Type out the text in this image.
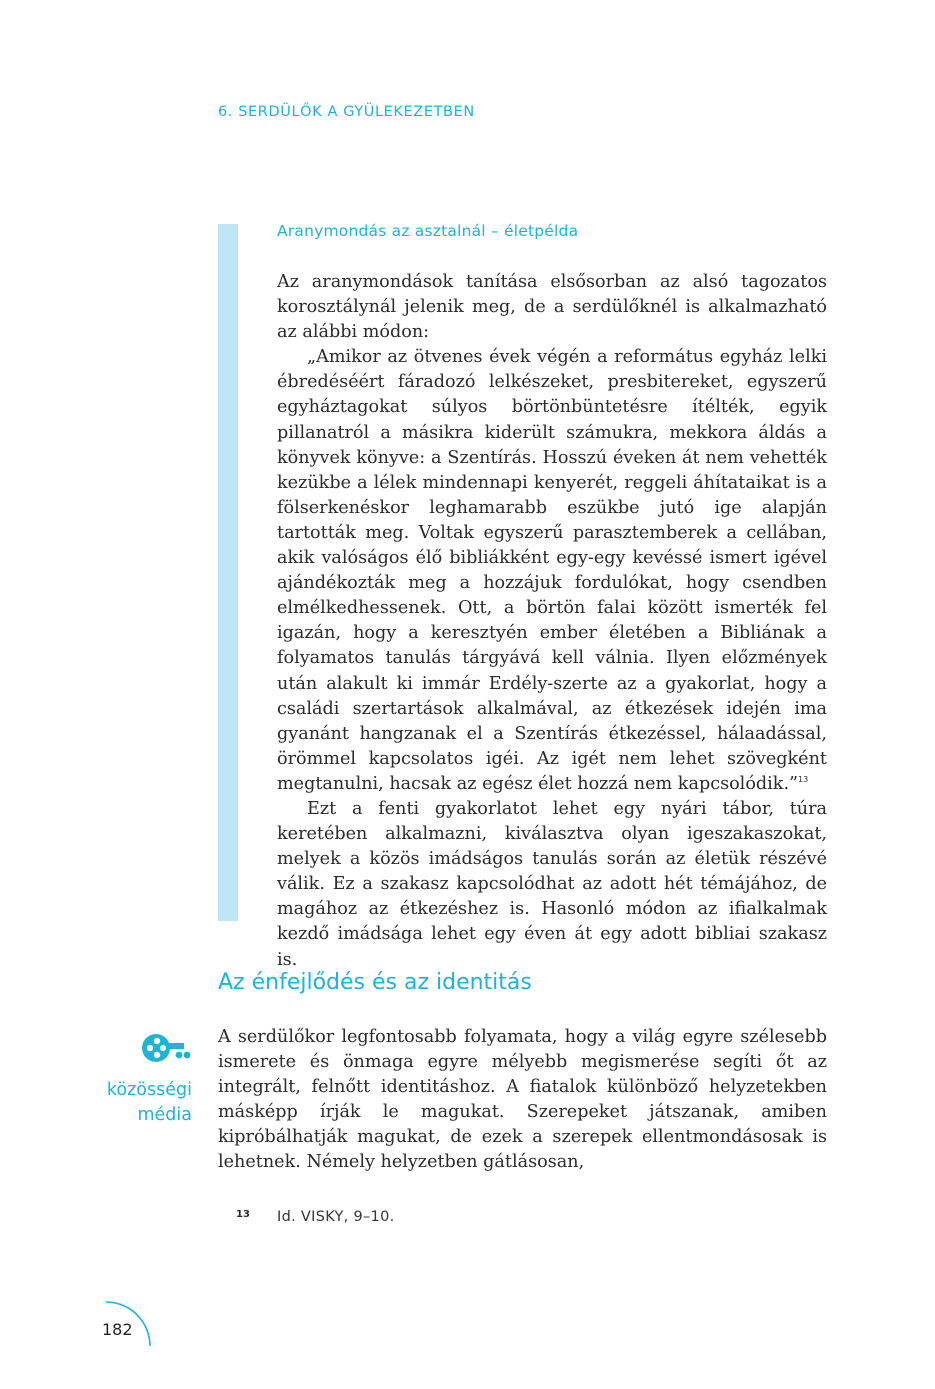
6. SERDÜLŐK A GYÜLEKEZETBEN
Aranymondás az asztalnál – életpélda

Az aranymondások tanítása elsősorban az alsó tagozatos korosztálynál jelenik meg, de a serdülőknél is alkalmazható az alábbi módon:

„Amikor az ötvenes évek végén a református egyház lelki ébredéséért fáradozó lelkészeket, presbitereket, egyszerű egyháztagokat súlyos börtönbüntetésre ítélték, egyik pillanatról a másikra kiderült számukra, mekkora áldás a könyvek könyve: a Szentírás. Hosszú éveken át nem vehették kezükbe a lélek mindennapi kenyerét, reggeli áhítataikat is a fölserkenéskor leghamarabb eszükbe jutó ige alapján tartották meg. Voltak egyszerű parasztemberek a cellában, akik valóságos élő bibliákként egy-egy kevéssé ismert igével ajándékozták meg a hozzájuk fordulókat, hogy csendben elmélkedhessenek. Ott, a börtön falai között ismerték fel igazán, hogy a keresztyén ember életében a Bibliának a folyamatos tanulás tárgyává kell válnia. Ilyen előzmények után alakult ki immár Erdély-szerte az a gyakorlat, hogy a családi szertartások alkalmával, az étkezések idején ima gyanánt hangzanak el a Szentírás étkezéssel, hálaadással, örömmel kapcsolatos igéi. Az igét nem lehet szövegként megtanulni, hacsak az egész élet hozzá nem kapcsolódik.”$^{13}$

Ezt a fenti gyakorlatot lehet egy nyári tábor, túra keretében alkalmazni, kiválasztva olyan igeszakaszokat, melyek a közös imádságos tanulás során az életük részévé válik. Ez a szakasz kapcsolódhat az adott hét témájához, de magához az étkezéshez is. Hasonló módon az ifialkalmak kezdő imádsága lehet egy éven át egy adott bibliai szakasz is.

Az énfejlődés és az identitás
közösségi
média

A serdülőkor legfontosabb folyamata, hogy a világ egyre szélesebb ismerete és önmaga egyre mélyebb megismerése segíti őt az integrált, felnőtt identitáshoz. A fiatalok különböző helyzetekben másképp írják le magukat. Szerepeket játszanak, amiben kipróbálhatják magukat, de ezek a szerepek ellentmondásosak is lehetnek. Némely helyzetben gátlásosan,

13 Id. VISKY, 9–10.
182
